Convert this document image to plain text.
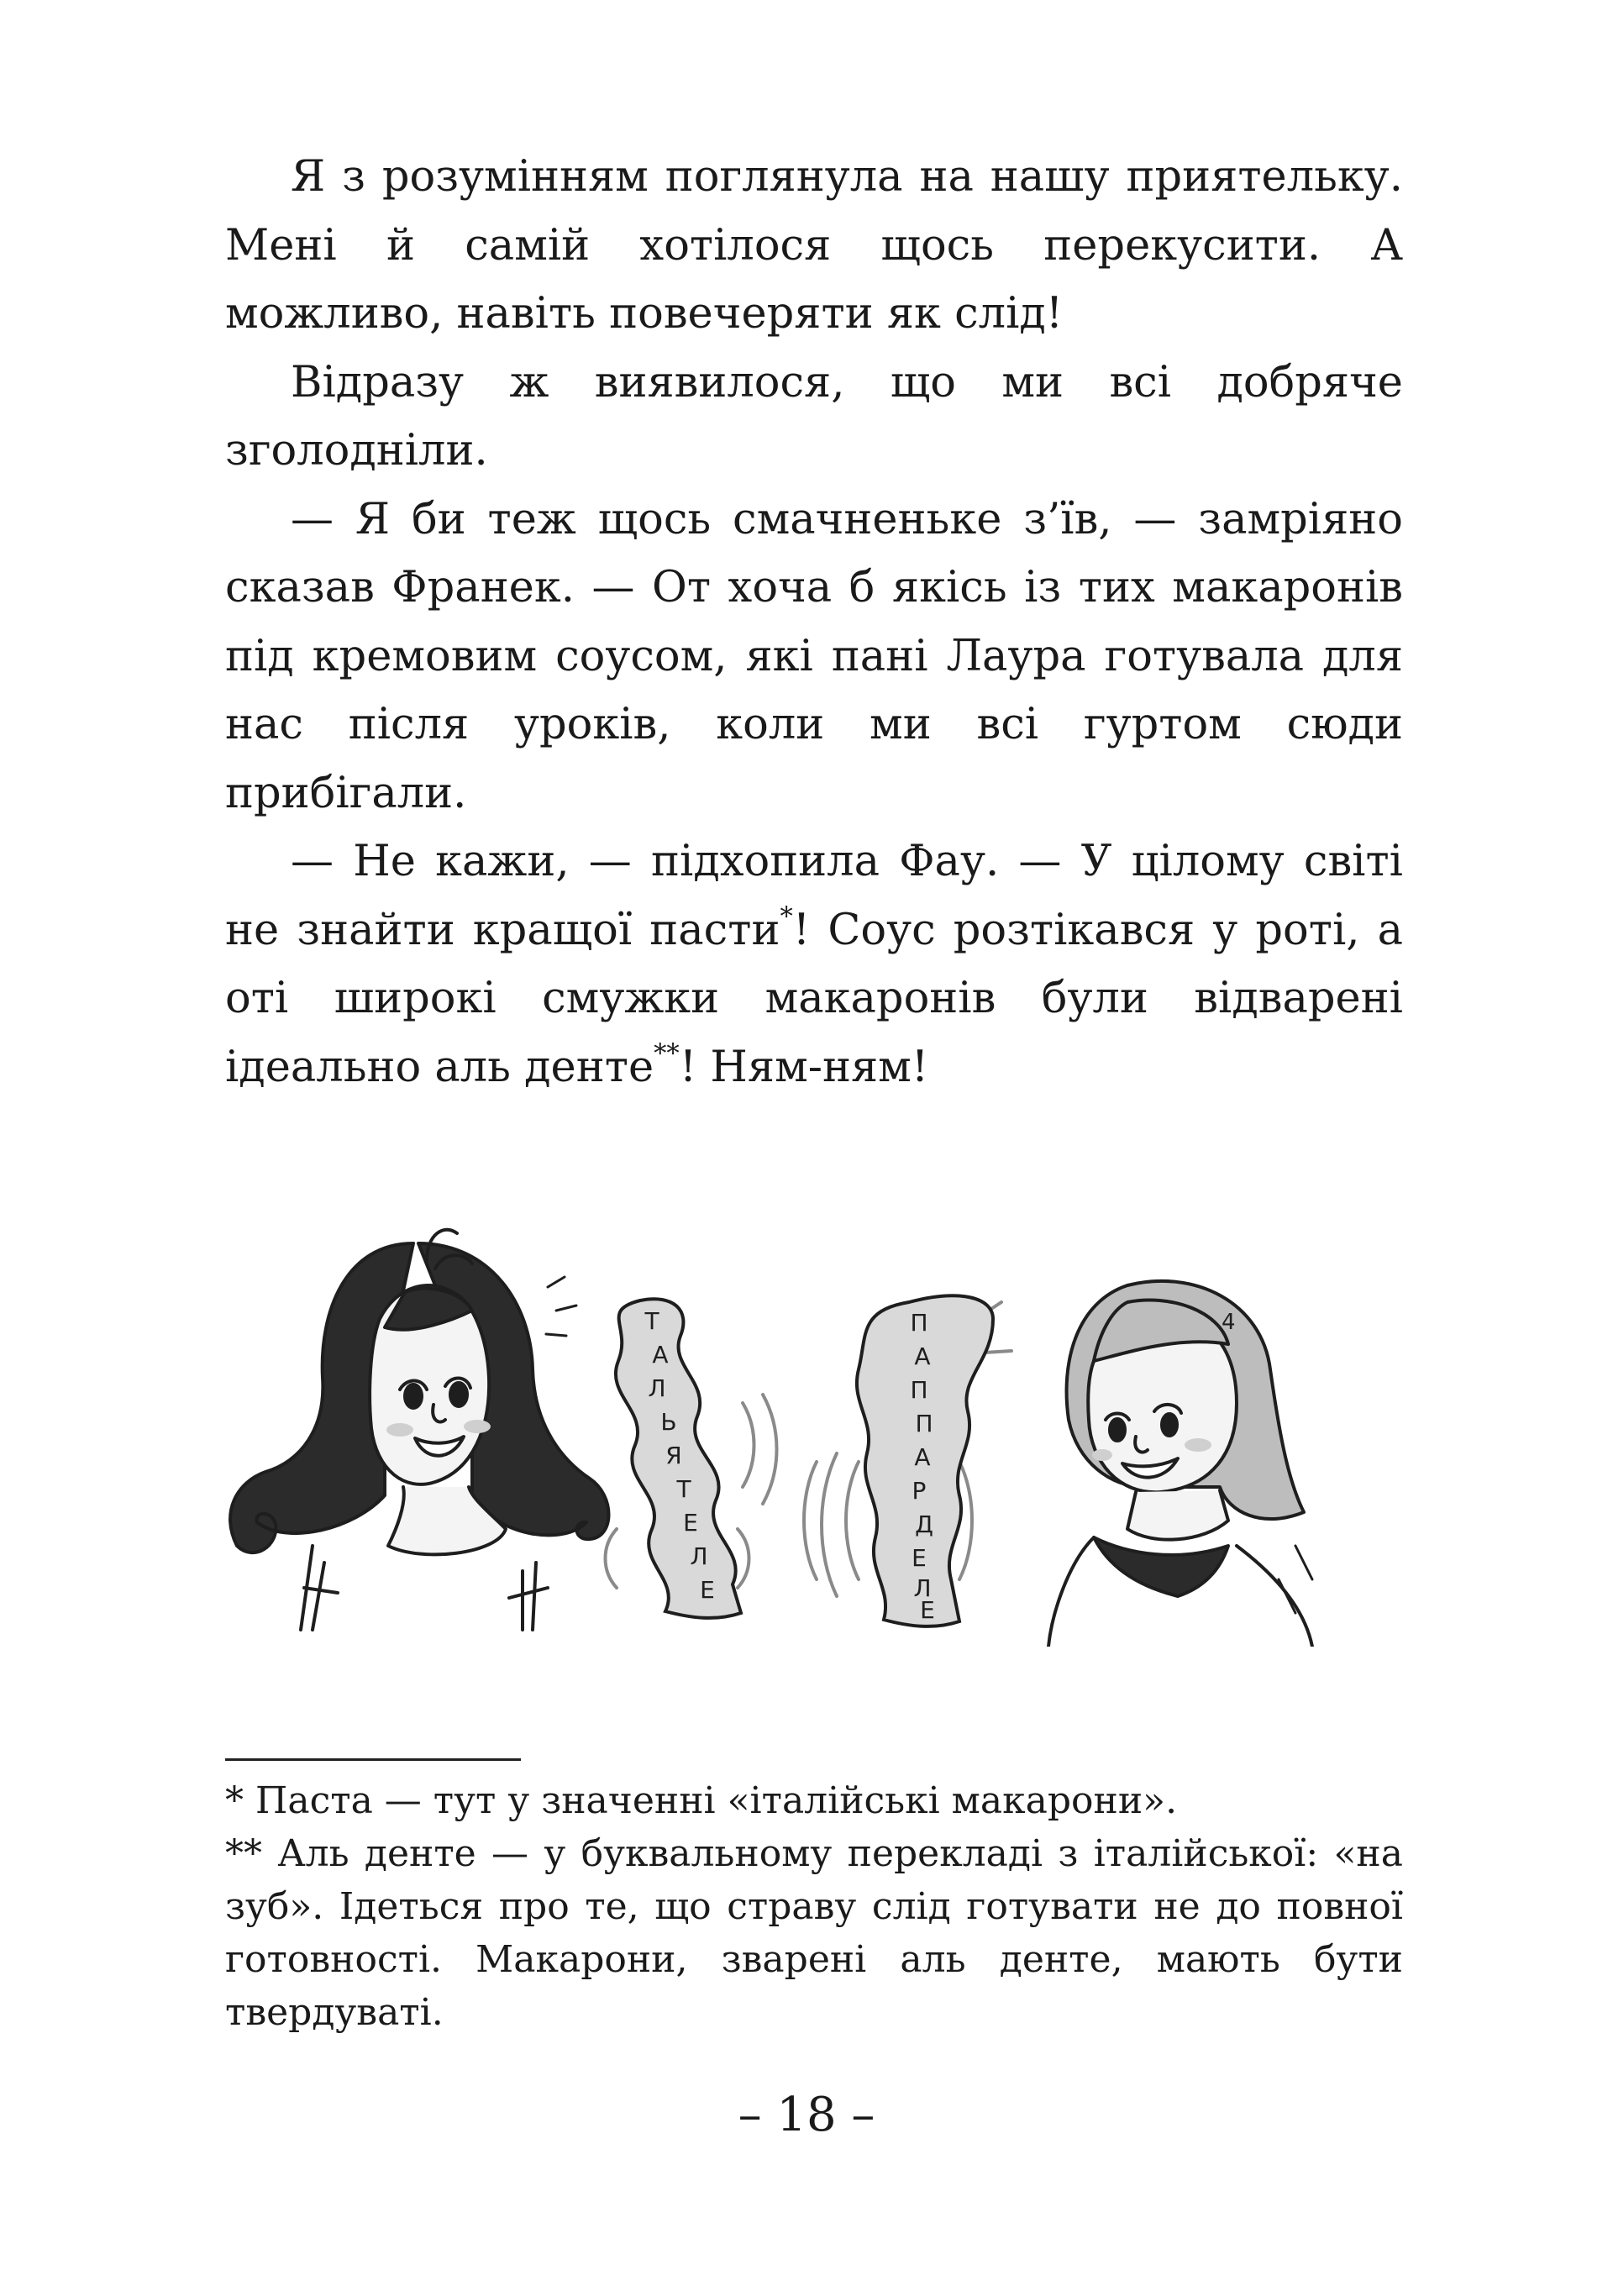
Я з розумінням поглянула на нашу приятельку. Мені й самій хотілося щось перекусити. А можливо, навіть повечеряти як слід!

Відразу ж виявилося, що ми всі добряче зголодніли.

— Я би теж щось смачненьке з’їв, — замріяно сказав Франек. — От хоча б якісь із тих макаронів під кремовим соусом, які пані Лаура готувала для нас після уроків, коли ми всі гуртом сюди прибігали.

— Не кажи, — підхопила Фау. — У цілому світі не знайти кращої пасти*! Соус розтікався у роті, а оті широкі смужки макаронів були відварені ідеально аль денте**! Ням-ням!

Т
А
Л
Ь
Я
Т
Е
Л
Е
П
А
П
П
А
Р
Д
Е
Л
Е
4

* Паста — тут у значенні «італійські макарони».

** Аль денте — у буквальному перекладі з італійської: «на зуб». Ідеться про те, що страву слід готувати не до повної готовності. Макарони, зварені аль денте, мають бути твердуваті.

– 18 –
